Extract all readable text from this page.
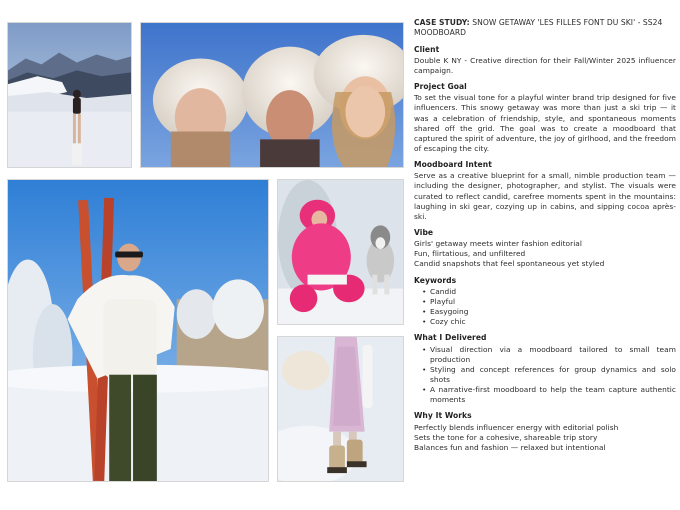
CASE STUDY: SNOW GETAWAY 'LES FILLES FONT DU SKI' - SS24 MOODBOARD
Client

Double K NY - Creative direction for their Fall/Winter 2025 influencer campaign.

Project Goal

To set the visual tone for a playful winter brand trip designed for five influencers. This snowy getaway was more than just a ski trip — it was a celebration of friendship, style, and spontaneous moments shared off the grid. The goal was to create a moodboard that captured the spirit of adventure, the joy of girlhood, and the freedom of escaping the city.

Moodboard Intent

Serve as a creative blueprint for a small, nimble production team — including the designer, photographer, and stylist. The visuals were curated to reflect candid, carefree moments spent in the mountains: laughing in ski gear, cozying up in cabins, and sipping cocoa après-ski.

Vibe

Girls' getaway meets winter fashion editorial
Fun, flirtatious, and unfiltered
Candid snapshots that feel spontaneous yet styled

Keywords
• Candid
• Playful
• Easygoing
• Cozy chic
What I Delivered
• Visual direction via a moodboard tailored to small team production
• Styling and concept references for group dynamics and solo shots
• A narrative-first moodboard to help the team capture authentic moments
Why It Works

Perfectly blends influencer energy with editorial polish
Sets the tone for a cohesive, shareable trip story
Balances fun and fashion — relaxed but intentional
